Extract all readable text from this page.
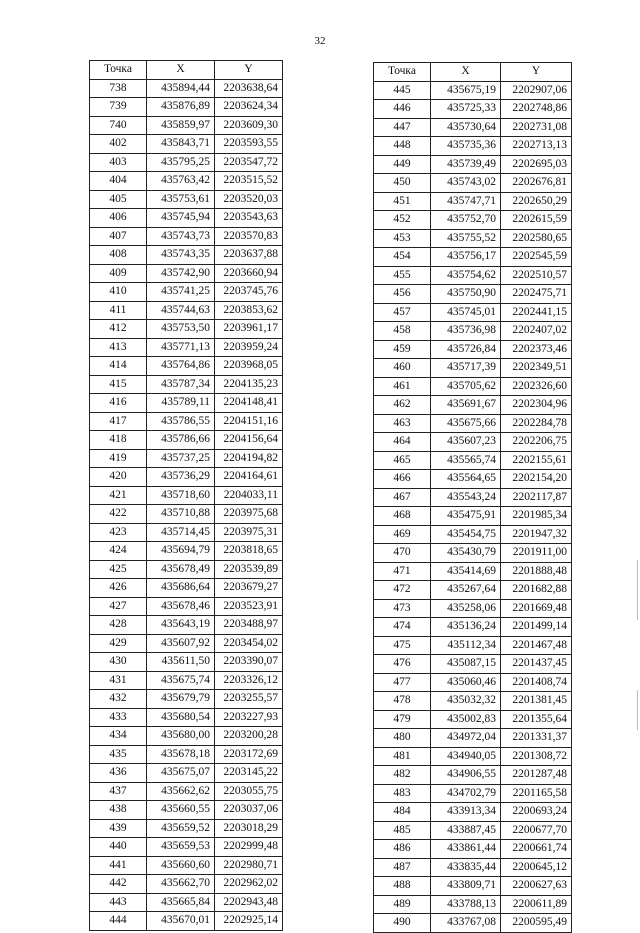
32
Точка	X	Y
738	435894,44	2203638,64
739	435876,89	2203624,34
740	435859,97	2203609,30
402	435843,71	2203593,55
403	435795,25	2203547,72
404	435763,42	2203515,52
405	435753,61	2203520,03
406	435745,94	2203543,63
407	435743,73	2203570,83
408	435743,35	2203637,88
409	435742,90	2203660,94
410	435741,25	2203745,76
411	435744,63	2203853,62
412	435753,50	2203961,17
413	435771,13	2203959,24
414	435764,86	2203968,05
415	435787,34	2204135,23
416	435789,11	2204148,41
417	435786,55	2204151,16
418	435786,66	2204156,64
419	435737,25	2204194,82
420	435736,29	2204164,61
421	435718,60	2204033,11
422	435710,88	2203975,68
423	435714,45	2203975,31
424	435694,79	2203818,65
425	435678,49	2203539,89
426	435686,64	2203679,27
427	435678,46	2203523,91
428	435643,19	2203488,97
429	435607,92	2203454,02
430	435611,50	2203390,07
431	435675,74	2203326,12
432	435679,79	2203255,57
433	435680,54	2203227,93
434	435680,00	2203200,28
435	435678,18	2203172,69
436	435675,07	2203145,22
437	435662,62	2203055,75
438	435660,55	2203037,06
439	435659,52	2203018,29
440	435659,53	2202999,48
441	435660,60	2202980,71
442	435662,70	2202962,02
443	435665,84	2202943,48
444	435670,01	2202925,14
Точка	X	Y
445	435675,19	2202907,06
446	435725,33	2202748,86
447	435730,64	2202731,08
448	435735,36	2202713,13
449	435739,49	2202695,03
450	435743,02	2202676,81
451	435747,71	2202650,29
452	435752,70	2202615,59
453	435755,52	2202580,65
454	435756,17	2202545,59
455	435754,62	2202510,57
456	435750,90	2202475,71
457	435745,01	2202441,15
458	435736,98	2202407,02
459	435726,84	2202373,46
460	435717,39	2202349,51
461	435705,62	2202326,60
462	435691,67	2202304,96
463	435675,66	2202284,78
464	435607,23	2202206,75
465	435565,74	2202155,61
466	435564,65	2202154,20
467	435543,24	2202117,87
468	435475,91	2201985,34
469	435454,75	2201947,32
470	435430,79	2201911,00
471	435414,69	2201888,48
472	435267,64	2201682,88
473	435258,06	2201669,48
474	435136,24	2201499,14
475	435112,34	2201467,48
476	435087,15	2201437,45
477	435060,46	2201408,74
478	435032,32	2201381,45
479	435002,83	2201355,64
480	434972,04	2201331,37
481	434940,05	2201308,72
482	434906,55	2201287,48
483	434702,79	2201165,58
484	433913,34	2200693,24
485	433887,45	2200677,70
486	433861,44	2200661,74
487	433835,44	2200645,12
488	433809,71	2200627,63
489	433788,13	2200611,89
490	433767,08	2200595,49
